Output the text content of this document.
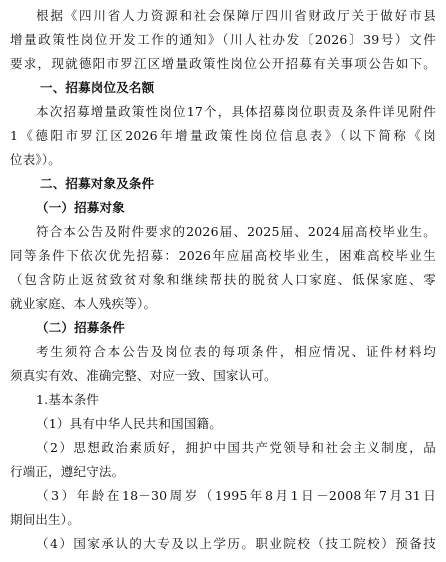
根据《四川省人力资源和社会保障厅四川省财政厅关于做好市县
增量政策性岗位开发工作的通知》（川人社办发〔2026〕39号）文件
要求，现就德阳市罗江区增量政策性岗位公开招募有关事项公告如下。
一、招募岗位及名额
本次招募增量政策性岗位17个，具体招募岗位职责及条件详见附件
1《德阳市罗江区2026年增量政策性岗位信息表》（以下简称《岗
位表》）。
二、招募对象及条件
（一）招募对象
符合本公告及附件要求的2026届、2025届、2024届高校毕业生。
同等条件下依次优先招募：2026年应届高校毕业生，困难高校毕业生
（包含防止返贫致贫对象和继续帮扶的脱贫人口家庭、低保家庭、零
就业家庭、本人残疾等）。
（二）招募条件
考生须符合本公告及岗位表的每项条件，相应情况、证件材料均
须真实有效、准确完整、对应一致、国家认可。
1.基本条件
（1）具有中华人民共和国国籍。
（2）思想政治素质好，拥护中国共产党领导和社会主义制度，品
行端正，遵纪守法。
（3）年龄在18－30周岁（1995年8月1日－2008年7月31日
期间出生）。
（4）国家承认的大专及以上学历。职业院校（技工院校）预备技
